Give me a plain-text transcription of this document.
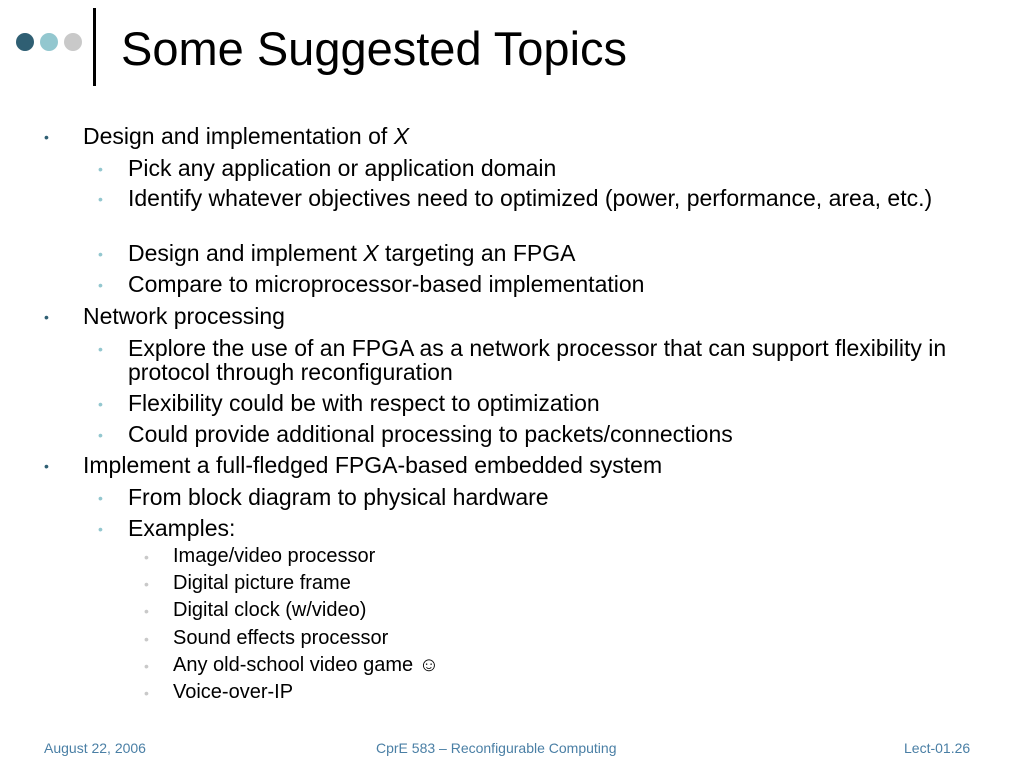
Some Suggested Topics
• Design and implementation of X
• Pick any application or application domain
• Identify whatever objectives need to optimized (power, performance, area, etc.)
• Design and implement X targeting an FPGA
• Compare to microprocessor-based implementation
• Network processing
• Explore the use of an FPGA as a network processor that can support flexibility in protocol through reconfiguration
• Flexibility could be with respect to optimization
• Could provide additional processing to packets/connections
• Implement a full-fledged FPGA-based embedded system
• From block diagram to physical hardware
• Examples:
• Image/video processor
• Digital picture frame
• Digital clock (w/video)
• Sound effects processor
• Any old-school video game ☺
• Voice-over-IP
August 22, 2006	CprE 583 – Reconfigurable Computing	Lect-01.26
